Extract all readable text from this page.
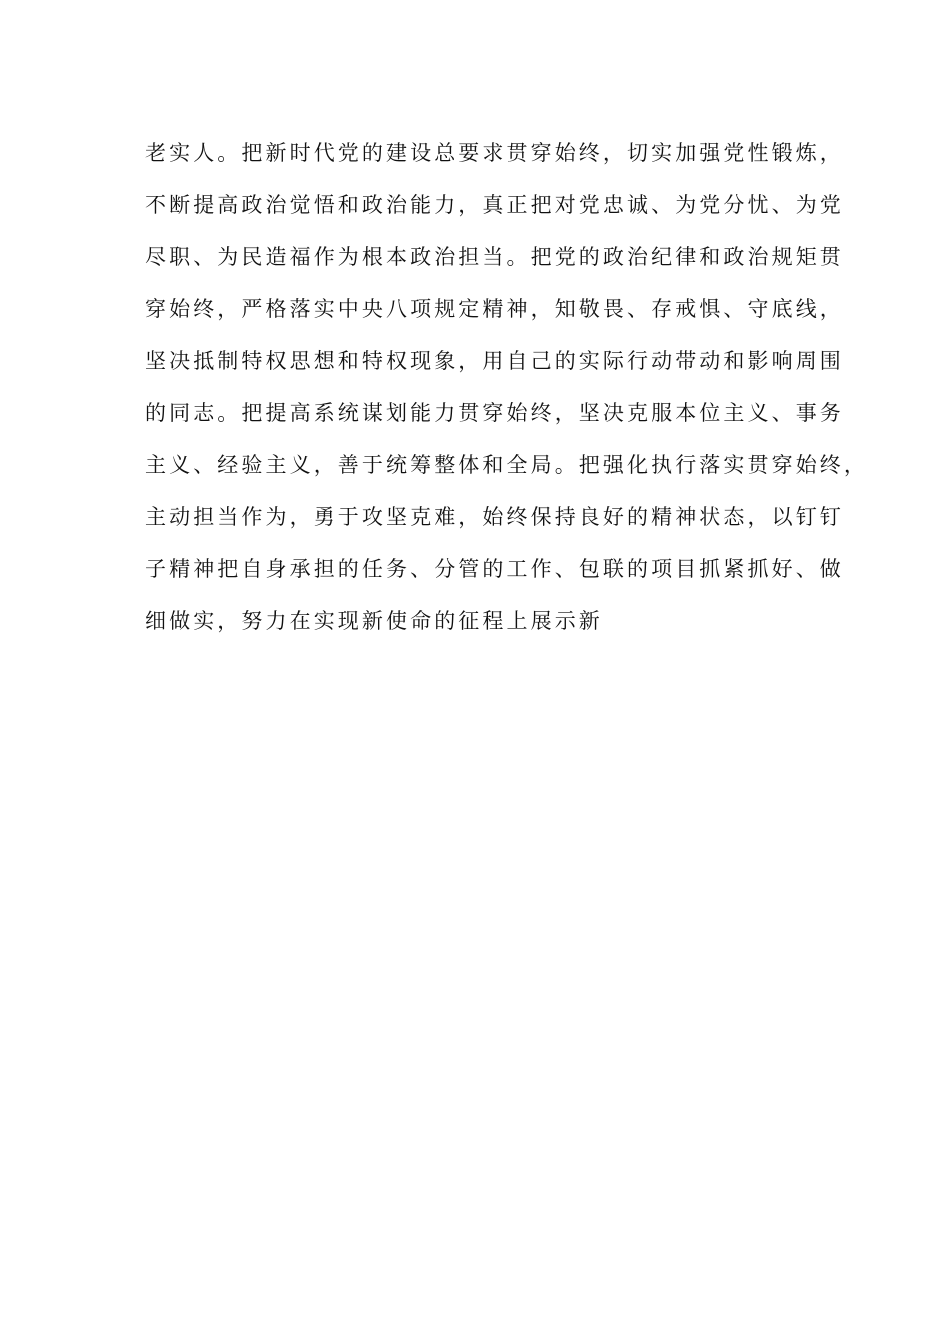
老实人。把新时代党的建设总要求贯穿始终，切实加强党性锻炼，
不断提高政治觉悟和政治能力，真正把对党忠诚、为党分忧、为党
尽职、为民造福作为根本政治担当。把党的政治纪律和政治规矩贯
穿始终，严格落实中央八项规定精神，知敬畏、存戒惧、守底线，
坚决抵制特权思想和特权现象，用自己的实际行动带动和影响周围
的同志。把提高系统谋划能力贯穿始终，坚决克服本位主义、事务
主义、经验主义，善于统筹整体和全局。把强化执行落实贯穿始终，
主动担当作为，勇于攻坚克难，始终保持良好的精神状态，以钉钉
子精神把自身承担的任务、分管的工作、包联的项目抓紧抓好、做
细做实，努力在实现新使命的征程上展示新
